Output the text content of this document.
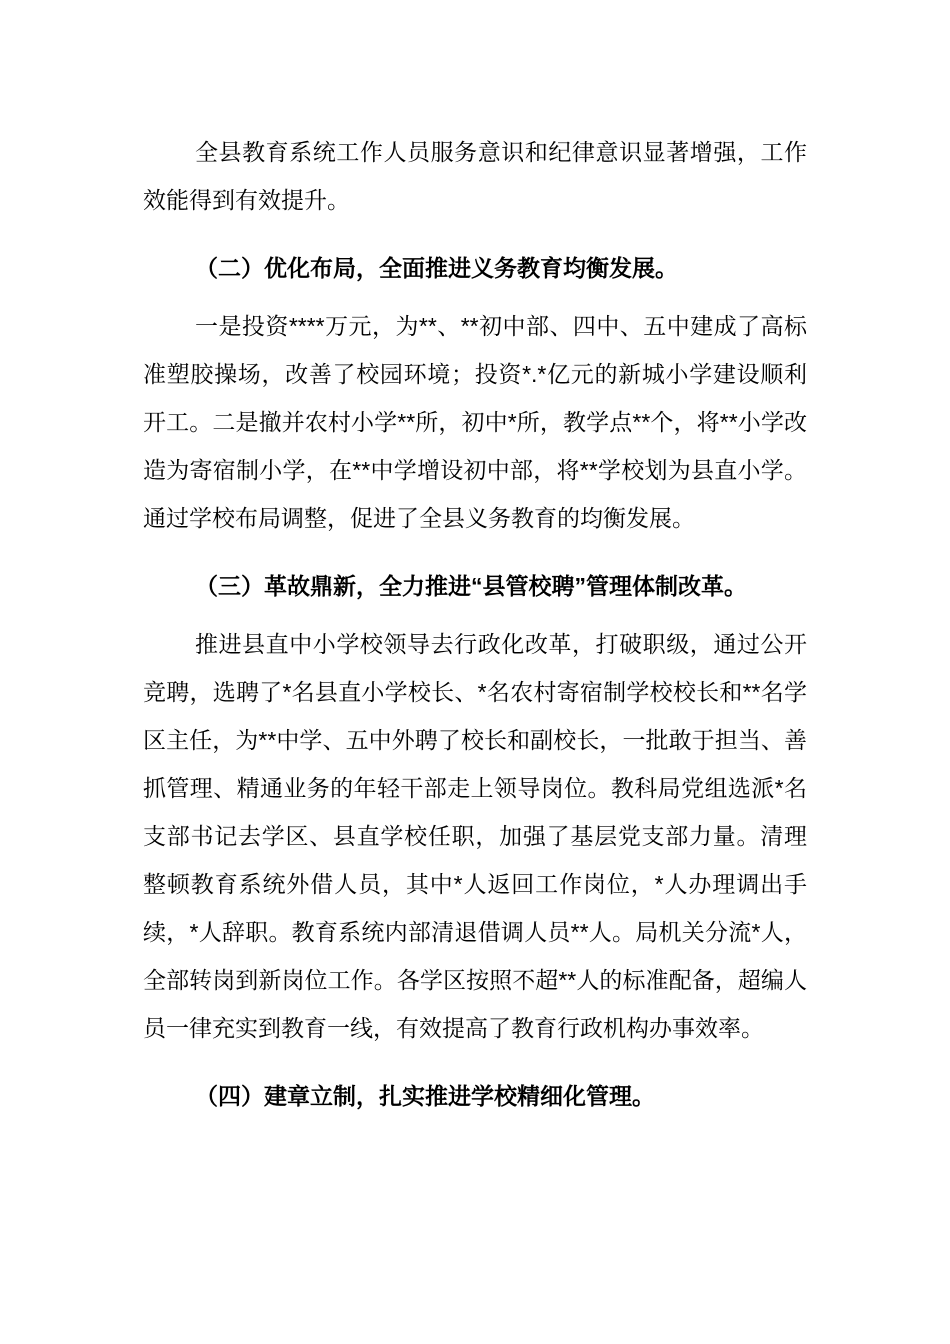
全县教育系统工作人员服务意识和纪律意识显著增强，工作效能得到有效提升。

（二）优化布局，全面推进义务教育均衡发展。

一是投资****万元，为**、**初中部、四中、五中建成了高标准塑胶操场，改善了校园环境；投资*.*亿元的新城小学建设顺利开工。二是撤并农村小学**所，初中*所，教学点**个，将**小学改造为寄宿制小学，在**中学增设初中部，将**学校划为县直小学。通过学校布局调整，促进了全县义务教育的均衡发展。

（三）革故鼎新，全力推进“县管校聘”管理体制改革。

推进县直中小学校领导去行政化改革，打破职级，通过公开竞聘，选聘了*名县直小学校长、*名农村寄宿制学校校长和**名学区主任，为**中学、五中外聘了校长和副校长，一批敢于担当、善抓管理、精通业务的年轻干部走上领导岗位。教科局党组选派*名支部书记去学区、县直学校任职，加强了基层党支部力量。清理整顿教育系统外借人员，其中*人返回工作岗位，*人办理调出手续，*人辞职。教育系统内部清退借调人员**人。局机关分流*人，全部转岗到新岗位工作。各学区按照不超**人的标准配备，超编人员一律充实到教育一线，有效提高了教育行政机构办事效率。

（四）建章立制，扎实推进学校精细化管理。
